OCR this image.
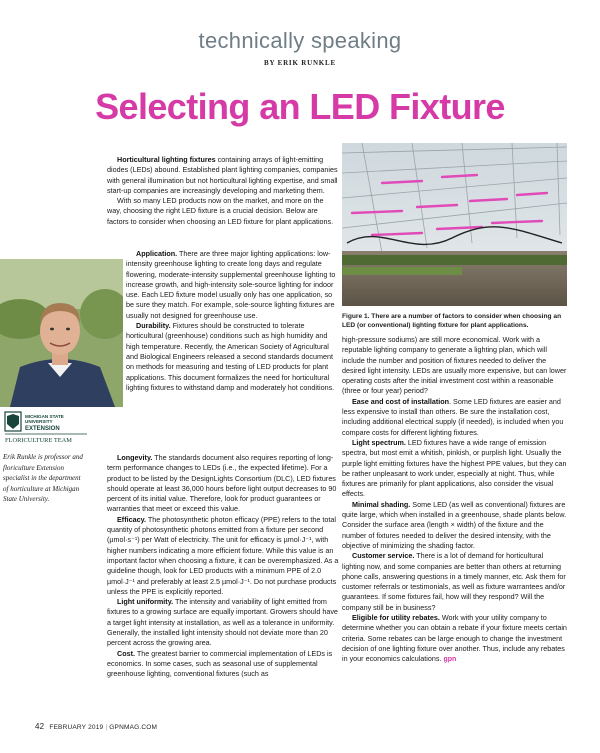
technically speaking
BY ERIK RUNKLE
Selecting an LED Fixture
Figure 1. There are a number of factors to consider when choosing an LED (or conventional) lighting fixture for plant applications.
MICHIGAN STATE
UNIVERSITY
EXTENSION
FLORICULTURE TEAM
Erik Runkle is professor and floriculture Extension specialist in the department of horticulture at Michigan State University.

Horticultural lighting fixtures containing arrays of light-emitting diodes (LEDs) abound. Established plant lighting companies, companies with general illumination but not horticultural lighting expertise, and small start-up companies are increasingly developing and marketing them.

With so many LED products now on the market, and more on the way, choosing the right LED fixture is a crucial decision. Below are factors to consider when choosing an LED fixture for plant applications.

Application. There are three major lighting applications: low-intensity greenhouse lighting to create long days and regulate flowering, moderate-intensity supplemental greenhouse lighting to increase growth, and high-intensity sole-source lighting for indoor use. Each LED fixture model usually only has one application, so be sure they match. For example, sole-source lighting fixtures are usually not designed for greenhouse use.

Durability. Fixtures should be constructed to tolerate horticultural (greenhouse) conditions such as high humidity and high temperature. Recently, the American Society of Agricultural and Biological Engineers released a second standards document on methods for measuring and testing of LED products for plant applications. This document formalizes the need for horticultural lighting fixtures to withstand damp and moderately hot conditions.

Longevity. The standards document also requires reporting of long-term performance changes to LEDs (i.e., the expected lifetime). For a product to be listed by the DesignLights Consortium (DLC), LED fixtures should operate at least 36,000 hours before light output decreases to 90 percent of its initial value. Therefore, look for product guarantees or warranties that meet or exceed this value.

Efficacy. The photosynthetic photon efficacy (PPE) refers to the total quantity of photosynthetic photons emitted from a fixture per second (µmol·s⁻¹) per Watt of electricity. The unit for efficacy is µmol·J⁻¹, with higher numbers indicating a more efficient fixture. While this value is an important factor when choosing a fixture, it can be overemphasized. As a guideline though, look for LED products with a minimum PPE of 2.0 µmol·J⁻¹ and preferably at least 2.5 µmol·J⁻¹. Do not purchase products unless the PPE is explicitly reported.

Light uniformity. The intensity and variability of light emitted from fixtures to a growing surface are equally important. Growers should have a target light intensity at installation, as well as a tolerance in uniformity. Generally, the installed light intensity should not deviate more than 20 percent across the growing area.

Cost. The greatest barrier to commercial implementation of LEDs is economics. In some cases, such as seasonal use of supplemental greenhouse lighting, conventional fixtures (such as

high-pressure sodiums) are still more economical. Work with a reputable lighting company to generate a lighting plan, which will include the number and position of fixtures needed to deliver the desired light intensity. LEDs are usually more expensive, but can lower operating costs after the initial investment cost within a reasonable (three or four year) period?

Ease and cost of installation. Some LED fixtures are easier and less expensive to install than others. Be sure the installation cost, including additional electrical supply (if needed), is included when you compare costs for different lighting fixtures.

Light spectrum. LED fixtures have a wide range of emission spectra, but most emit a whitish, pinkish, or purplish light. Usually the purple light emitting fixtures have the highest PPE values, but they can be rather unpleasant to work under, especially at night. Thus, while fixtures are primarily for plant applications, also consider the visual effects.

Minimal shading. Some LED (as well as conventional) fixtures are quite large, which when installed in a greenhouse, shade plants below. Consider the surface area (length × width) of the fixture and the number of fixtures needed to deliver the desired intensity, with the objective of minimizing the shading factor.

Customer service. There is a lot of demand for horticultural lighting now, and some companies are better than others at returning phone calls, answering questions in a timely manner, etc. Ask them for customer referrals or testimonials, as well as fixture warrantees and/or guarantees. If some fixtures fail, how will they respond? Will the company still be in business?

Eligible for utility rebates. Work with your utility company to determine whether you can obtain a rebate if your fixture meets certain criteria. Some rebates can be large enough to change the investment decision of one lighting fixture over another. Thus, include any rebates in your economics calculations. gpn

42 FEBRUARY 2019 | GPNMAG.COM
